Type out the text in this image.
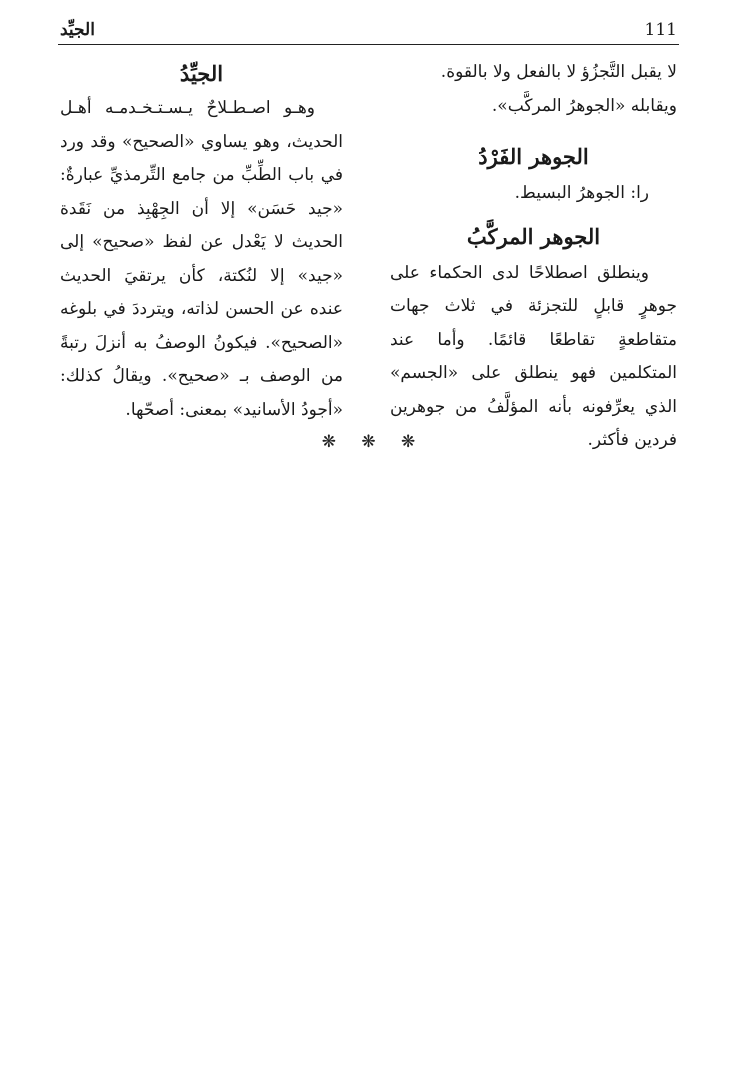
الجيِّد	111

لا يقبل التَّجزُؤ لا بالفعل ولا بالقوة.

ويقابله «الجوهرُ المركَّب».

الجوهر الفَرْدُ

را: الجوهرُ البسيط.

الجوهر المركَّبُ

وينطلق اصطلاحًا لدى الحكماء على جوهرٍ قابلٍ للتجزئة في ثلاث جهات متقاطعةٍ تقاطعًا قائمًا. وأما عند المتكلمين فهو ينطلق على «الجسم» الذي يعرِّفونه بأنه المؤلَّفُ من جوهرين فردين فأكثر.

الجيِّدُ

وهـو اصـطـلاحٌ يـسـتـخـدمـه أهـل الحديث، وهو يساوي «الصحيح» وقد ورد في باب الطِّبِّ من جامع التِّرمذيِّ عبارةٌ: «جيد حَسَن» إلا أن الجِهْبِذ من نَقَدة الحديث لا يَعْدل عن لفظ «صحيح» إلى «جيد» إلا لنُكتة، كأن يرتقيَ الحديث عنده عن الحسن لذاته، ويترددَ في بلوغه «الصحيح». فيكونُ الوصفُ به أنزلَ رتبةً من الوصف بـ «صحيح». ويقالُ كذلك: «أجودُ الأسانيد» بمعنى: أصحّها.

❋ ❋ ❋
